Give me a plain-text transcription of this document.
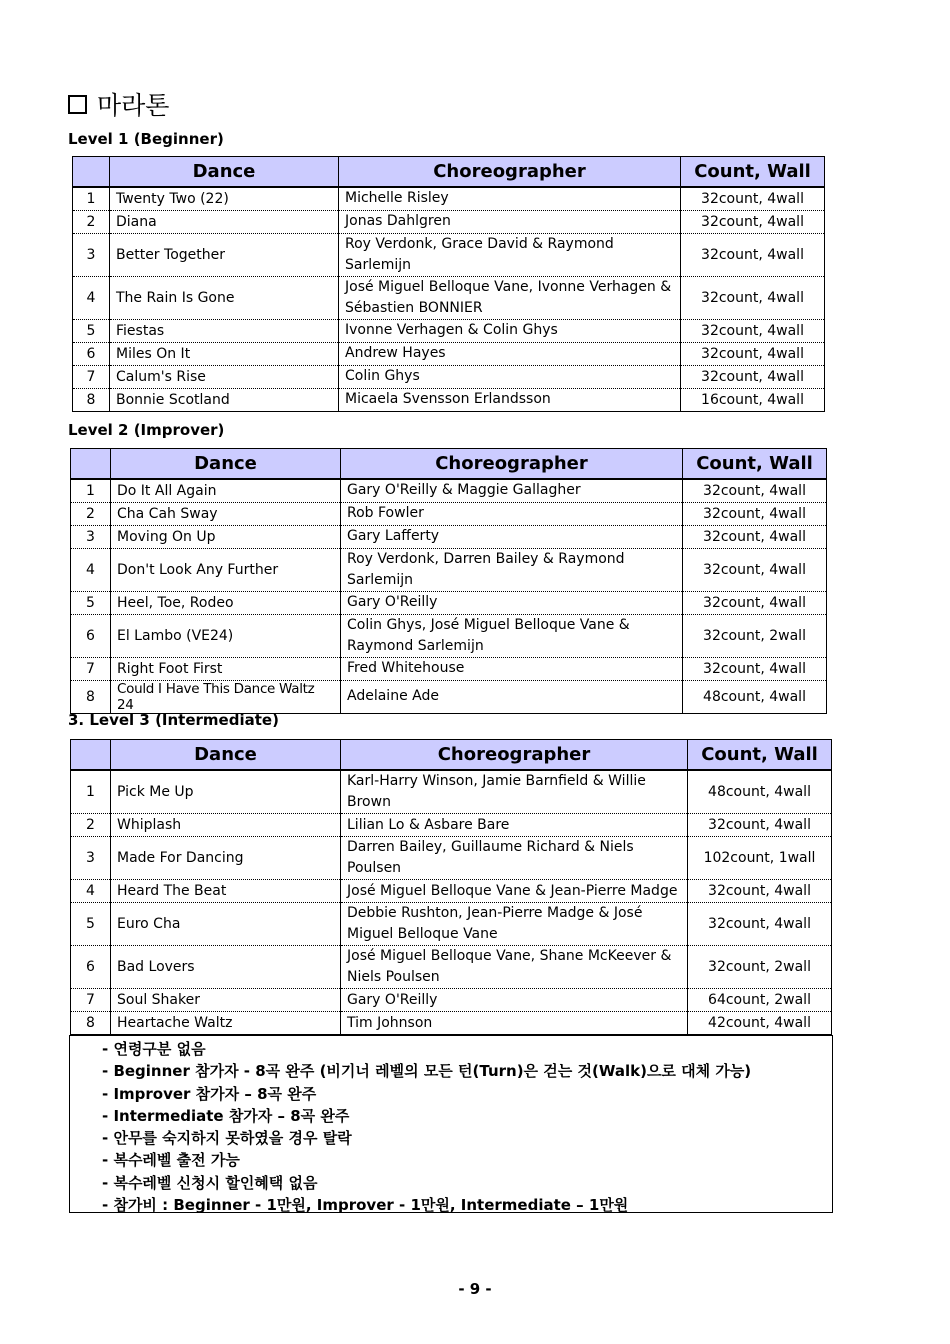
마라톤
Level 1 (Beginner)
	Dance	Choreographer	Count, Wall
1	Twenty Two (22)	Michelle Risley	32count, 4wall
2	Diana	Jonas Dahlgren	32count, 4wall
3	Better Together	Roy Verdonk, Grace David & Raymond Sarlemijn	32count, 4wall
4	The Rain Is Gone	José Miguel Belloque Vane, Ivonne Verhagen & Sébastien BONNIER	32count, 4wall
5	Fiestas	Ivonne Verhagen & Colin Ghys	32count, 4wall
6	Miles On It	Andrew Hayes	32count, 4wall
7	Calum's Rise	Colin Ghys	32count, 4wall
8	Bonnie Scotland	Micaela Svensson Erlandsson	16count, 4wall
Level 2 (Improver)
	Dance	Choreographer	Count, Wall
1	Do It All Again	Gary O'Reilly & Maggie Gallagher	32count, 4wall
2	Cha Cah Sway	Rob Fowler	32count, 4wall
3	Moving On Up	Gary Lafferty	32count, 4wall
4	Don't Look Any Further	Roy Verdonk, Darren Bailey & Raymond Sarlemijn	32count, 4wall
5	Heel, Toe, Rodeo	Gary O'Reilly	32count, 4wall
6	El Lambo (VE24)	Colin Ghys, José Miguel Belloque Vane & Raymond Sarlemijn	32count, 2wall
7	Right Foot First	Fred Whitehouse	32count, 4wall
8	Could I Have This Dance Waltz 24	Adelaine Ade	48count, 4wall
3. Level 3 (Intermediate)
	Dance	Choreographer	Count, Wall
1	Pick Me Up	Karl-Harry Winson, Jamie Barnfield & Willie Brown	48count, 4wall
2	Whiplash	Lilian Lo & Asbare Bare	32count, 4wall
3	Made For Dancing	Darren Bailey, Guillaume Richard & Niels Poulsen	102count, 1wall
4	Heard The Beat	José Miguel Belloque Vane & Jean-Pierre Madge	32count, 4wall
5	Euro Cha	Debbie Rushton, Jean-Pierre Madge & José Miguel Belloque Vane	32count, 4wall
6	Bad Lovers	José Miguel Belloque Vane, Shane McKeever & Niels Poulsen	32count, 2wall
7	Soul Shaker	Gary O'Reilly	64count, 2wall
8	Heartache Waltz	Tim Johnson	42count, 4wall
- 연령구분 없음
- Beginner 참가자 - 8곡 완주 (비기너 레벨의 모든 턴(Turn)은 걷는 것(Walk)으로 대체 가능)
- Improver 참가자 – 8곡 완주
- Intermediate 참가자 – 8곡 완주
- 안무를 숙지하지 못하였을 경우 탈락
- 복수레벨 출전 가능
- 복수레벨 신청시 할인혜택 없음
- 참가비 : Beginner - 1만원, Improver - 1만원, Intermediate – 1만원
- 9 -
